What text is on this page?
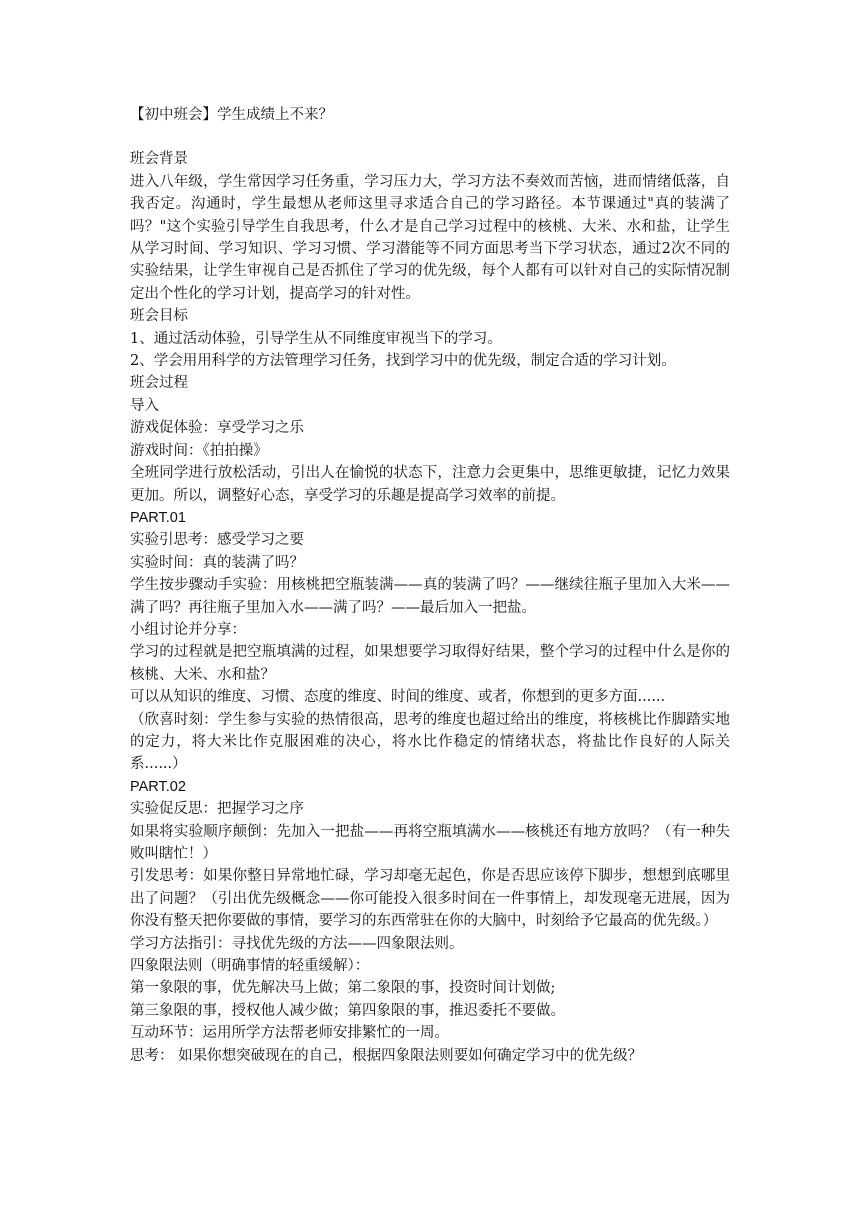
【初中班会】学生成绩上不来？
班会背景
进入八年级，学生常因学习任务重，学习压力大，学习方法不奏效而苦恼，进而情绪低落，自我否定。沟通时，学生最想从老师这里寻求适合自己的学习路径。本节课通过"真的装满了吗？"这个实验引导学生自我思考，什么才是自己学习过程中的核桃、大米、水和盐，让学生从学习时间、学习知识、学习习惯、学习潜能等不同方面思考当下学习状态，通过2次不同的实验结果，让学生审视自己是否抓住了学习的优先级，每个人都有可以针对自己的实际情况制定出个性化的学习计划，提高学习的针对性。
班会目标
1、通过活动体验，引导学生从不同维度审视当下的学习。
2、学会用用科学的方法管理学习任务，找到学习中的优先级，制定合适的学习计划。
班会过程
导入
游戏促体验：享受学习之乐
游戏时间：《拍拍操》
全班同学进行放松活动，引出人在愉悦的状态下，注意力会更集中，思维更敏捷，记忆力效果更加。所以，调整好心态，享受学习的乐趣是提高学习效率的前提。
PART.01
实验引思考：感受学习之要
实验时间：真的装满了吗？
学生按步骤动手实验：用核桃把空瓶装满——真的装满了吗？——继续往瓶子里加入大米——满了吗？再往瓶子里加入水——满了吗？——最后加入一把盐。
小组讨论并分享：
学习的过程就是把空瓶填满的过程，如果想要学习取得好结果，整个学习的过程中什么是你的核桃、大米、水和盐？
可以从知识的维度、习惯、态度的维度、时间的维度、或者，你想到的更多方面......
（欣喜时刻：学生参与实验的热情很高，思考的维度也超过给出的维度，将核桃比作脚踏实地的定力，将大米比作克服困难的决心，将水比作稳定的情绪状态，将盐比作良好的人际关系......）
PART.02
实验促反思：把握学习之序
如果将实验顺序颠倒：先加入一把盐——再将空瓶填满水——核桃还有地方放吗？（有一种失败叫瞎忙！）
引发思考：如果你整日异常地忙碌，学习却毫无起色，你是否思应该停下脚步，想想到底哪里出了问题？（引出优先级概念——你可能投入很多时间在一件事情上，却发现毫无进展，因为你没有整天把你要做的事情，要学习的东西常驻在你的大脑中，时刻给予它最高的优先级。）
学习方法指引：寻找优先级的方法——四象限法则。
四象限法则（明确事情的轻重缓解）：
第一象限的事，优先解决马上做；第二象限的事，投资时间计划做;
第三象限的事，授权他人减少做；第四象限的事，推迟委托不要做。
互动环节：运用所学方法帮老师安排繁忙的一周。
思考： 如果你想突破现在的自己，根据四象限法则要如何确定学习中的优先级？
